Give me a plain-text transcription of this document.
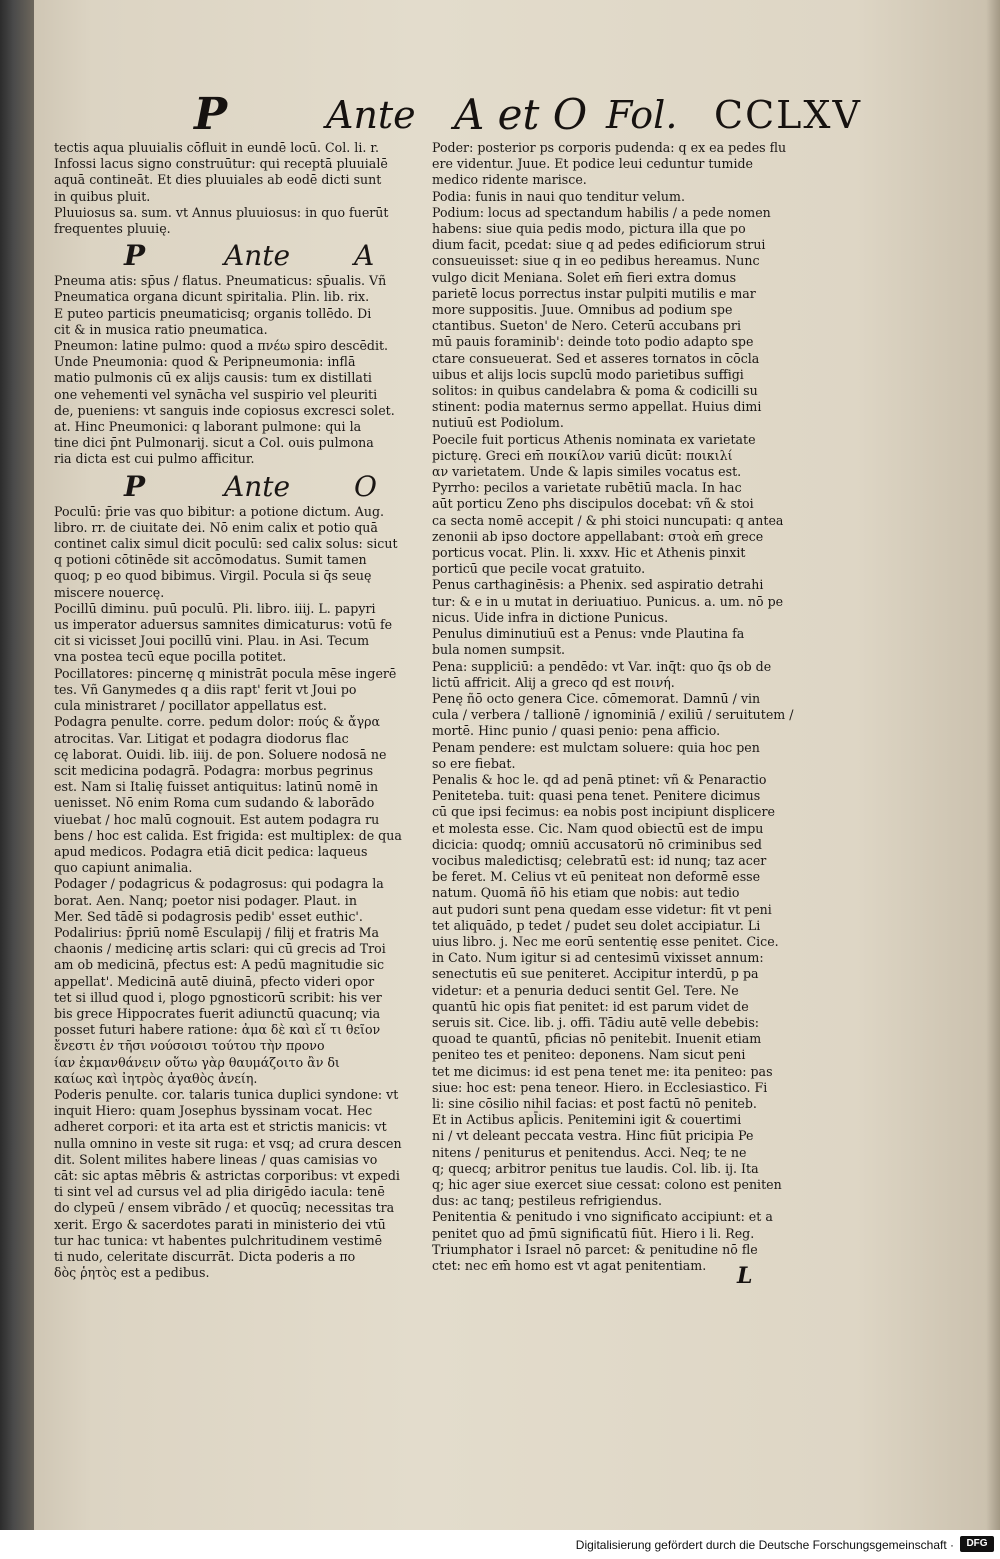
P	Ante A et O Fol. CCLXV
tectis aqua pluuialis cōfluit in eundē locū. Col. li. r.
Infossi lacus signo construūtur: qui receptā pluuialē
aquā contineāt. Et dies pluuiales ab eodē dicti sunt
in quibus pluit.
Pluuiosus sa. sum. vt Annus pluuiosus: in quo fuerūt
frequentes pluuię.
P	Ante A
Pneuma atis: sp̄us / flatus. Pneumaticus: sp̄ualis. Vñ
Pneumatica organa dicunt spiritalia. Plin. lib. rix.
E puteo particis pneumaticisq; organis tollēdo. Di
cit & in musica ratio pneumatica.
Pneumon: latine pulmo: quod a πνέω spiro descēdit.
Unde Pneumonia: quod & Peripneumonia: inflā
matio pulmonis cū ex alijs causis: tum ex distillati
one vehementi vel synācha vel suspirio vel pleuriti
de, pueniens: vt sanguis inde copiosus excresci solet.
at. Hinc Pneumonici: q laborant pulmone: qui la
tine dici p̄nt Pulmonarij. sicut a Col. ouis pulmona
ria dicta est cui pulmo afficitur.
P	Ante O
Poculū: p̄rie vas quo bibitur: a potione dictum. Aug.
libro. rr. de ciuitate dei. Nō enim calix et potio quā
continet calix simul dicit poculū: sed calix solus: sicut
q potioni cōtinēde sit accōmodatus. Sumit tamen
quoq; p eo quod bibimus. Virgil. Pocula si q̄s seuę
miscere nouercę.
Pocillū diminu. puū poculū. Pli. libro. iiij. L. papyri
us imperator aduersus samnites dimicaturus: votū fe
cit si vicisset Joui pocillū vini. Plau. in Asi. Tecum
vna postea tecū eque pocilla potitet.
Pocillatores: pincernę q ministrāt pocula mēse ingerē
tes. Vñ Ganymedes q a diis rapt' ferit vt Joui po
cula ministraret / pocillator appellatus est.
Podagra penulte. corre. pedum dolor: πούς & ἄγρα
atrocitas. Var. Litigat et podagra diodorus flac
cę laborat. Ouidi. lib. iiij. de pon. Soluere nodosā ne
scit medicina podagrā. Podagra: morbus pegrinus
est. Nam si Italię fuisset antiquitus: latinū nomē in
uenisset. Nō enim Roma cum sudando & laborādo
viuebat / hoc malū cognouit. Est autem podagra ru
bens / hoc est calida. Est frigida: est multiplex: de qua
apud medicos. Podagra etiā dicit pedica: laqueus
quo capiunt animalia.
Podager / podagricus & podagrosus: qui podagra la
borat. Aen. Nanq; poetor nisi podager. Plaut. in
Mer. Sed tādē si podagrosis pedib' esset euthic'.
Podalirius: p̄priū nomē Esculapij / filij et fratris Ma
chaonis / medicinę artis sclari: qui cū grecis ad Troi
am ob medicinā, pfectus est: A pedū magnitudie sic
appellat'. Medicinā autē diuinā, pfecto videri opor
tet si illud quod i, plogo pgnosticorū scribit: his ver
bis grece Hippocrates fuerit adiunctū quacunq; via
posset futuri habere ratione: ἀμα δὲ καὶ εἴ τι θεῖον
ἔνεστι ἐν τῆσι νούσοισι τούτου τὴν προνο
ίαν ἐκμανθάνειν οὕτω γὰρ θαυμάζοιτο ἂν δι
καίως καὶ ἰητρὸς ἀγαθὸς ἀνείη.
Poderis penulte. cor. talaris tunica duplici syndone: vt
inquit Hiero: quam Josephus byssinam vocat. Hec
adheret corpori: et ita arta est et strictis manicis: vt
nulla omnino in veste sit ruga: et vsq; ad crura descen
dit. Solent milites habere lineas / quas camisias vo
cāt: sic aptas mēbris & astrictas corporibus: vt expedi
ti sint vel ad cursus vel ad plia dirigēdo iacula: tenē
do clypeū / ensem vibrādo / et quocūq; necessitas tra
xerit. Ergo & sacerdotes parati in ministerio dei vtū
tur hac tunica: vt habentes pulchritudinem vestimē
ti nudo, celeritate discurrāt. Dicta poderis a πο
δὸς ῥητὸς est a pedibus.
Poder: posterior ps corporis pudenda: q ex ea pedes flu
ere videntur. Juue. Et podice leui ceduntur tumide
medico ridente marisce.
Podia: funis in naui quo tenditur velum.
Podium: locus ad spectandum habilis / a pede nomen
habens: siue quia pedis modo, pictura illa que po
dium facit, pcedat: siue q ad pedes edificiorum strui
consueuisset: siue q in eo pedibus hereamus. Nunc
vulgo dicit Meniana. Solet em̄ fieri extra domus
parietē locus porrectus instar pulpiti mutilis e mar
more suppositis. Juue. Omnibus ad podium spe
ctantibus. Sueton' de Nero. Ceterū accubans pri
mū pauis foraminib': deinde toto podio adapto spe
ctare consueuerat. Sed et asseres tornatos in cōcla
uibus et alijs locis supclū modo parietibus suffigi
solitos: in quibus candelabra & poma & codicilli su
stinent: podia maternus sermo appellat. Huius dimi
nutiuū est Podiolum.
Poecile fuit porticus Athenis nominata ex varietate
picturę. Greci em̄ ποικίλον variū dicūt: ποικιλί
αν varietatem. Unde & lapis similes vocatus est.
Pyrrho: pecilos a varietate rubētiū macla. In hac
aūt porticu Zeno phs discipulos docebat: vñ & stoi
ca secta nomē accepit / & phi stoici nuncupati: q antea
zenonii ab ipso doctore appellabant: στοὰ em̄ grece
porticus vocat. Plin. li. xxxv. Hic et Athenis pinxit
porticū que pecile vocat gratuito.
Penus carthaginēsis: a Phenix. sed aspiratio detrahi
tur: & e in u mutat in deriuatiuo. Punicus. a. um. nō pe
nicus. Uide infra in dictione Punicus.
Penulus diminutiuū est a Penus: vnde Plautina fa
bula nomen sumpsit.
Pena: suppliciū: a pendēdo: vt Var. inq̄t: quo q̄s ob de
lictū affricit. Alij a greco qd est ποινή.
Penę ñō octo genera Cice. cōmemorat. Damnū / vin
cula / verbera / tallionē / ignominiā / exiliū / seruitutem /
mortē. Hinc punio / quasi penio: pena afficio.
Penam pendere: est mulctam soluere: quia hoc pen
so ere fiebat.
Penalis & hoc le. qd ad penā ptinet: vñ & Penaractio
Peniteteba. tuit: quasi pena tenet. Penitere dicimus
cū que ipsi fecimus: ea nobis post incipiunt displicere
et molesta esse. Cic. Nam quod obiectū est de impu
dicicia: quodq; omniū accusatorū nō criminibus sed
vocibus maledictisq; celebratū est: id nunq; taz acer
be feret. M. Celius vt eū peniteat non deformē esse
natum. Quomā ñō his etiam que nobis: aut tedio
aut pudori sunt pena quedam esse videtur: fit vt peni
tet aliquādo, p tedet / pudet seu dolet accipiatur. Li
uius libro. j. Nec me eorū sententię esse penitet. Cice.
in Cato. Num igitur si ad centesimū vixisset annum:
senectutis eū sue peniteret. Accipitur interdū, p pa
videtur: et a penuria deduci sentit Gel. Tere. Ne
quantū hic opis fiat penitet: id est parum videt de
seruis sit. Cice. lib. j. offi. Tādiu autē velle debebis:
quoad te quantū, pficias nō penitebit. Inuenit etiam
peniteo tes et peniteo: deponens. Nam sicut peni
tet me dicimus: id est pena tenet me: ita peniteo: pas
siue: hoc est: pena teneor. Hiero. in Ecclesiastico. Fi
li: sine cōsilio nihil facias: et post factū nō peniteb.
Et in Actibus apl̄icis. Penitemini igit & couertimi
ni / vt deleant peccata vestra. Hinc fiūt pricipia Pe
nitens / peniturus et penitendus. Acci. Neq; te ne
q; quecq; arbitror penitus tue laudis. Col. lib. ij. Ita
q; hic ager siue exercet siue cessat: colono est peniten
dus: ac tanq; pestileus refrigiendus.
Penitentia & penitudo i vno significato accipiunt: et a
penitet quo ad p̄mū significatū fiūt. Hiero i li. Reg.
Triumphator i Israel nō parcet: & penitudine nō fle
ctet: nec em̄ homo est vt agat penitentiam.	L
Digitalisierung gefördert durch die Deutsche Forschungsgemeinschaft ·	DFG
